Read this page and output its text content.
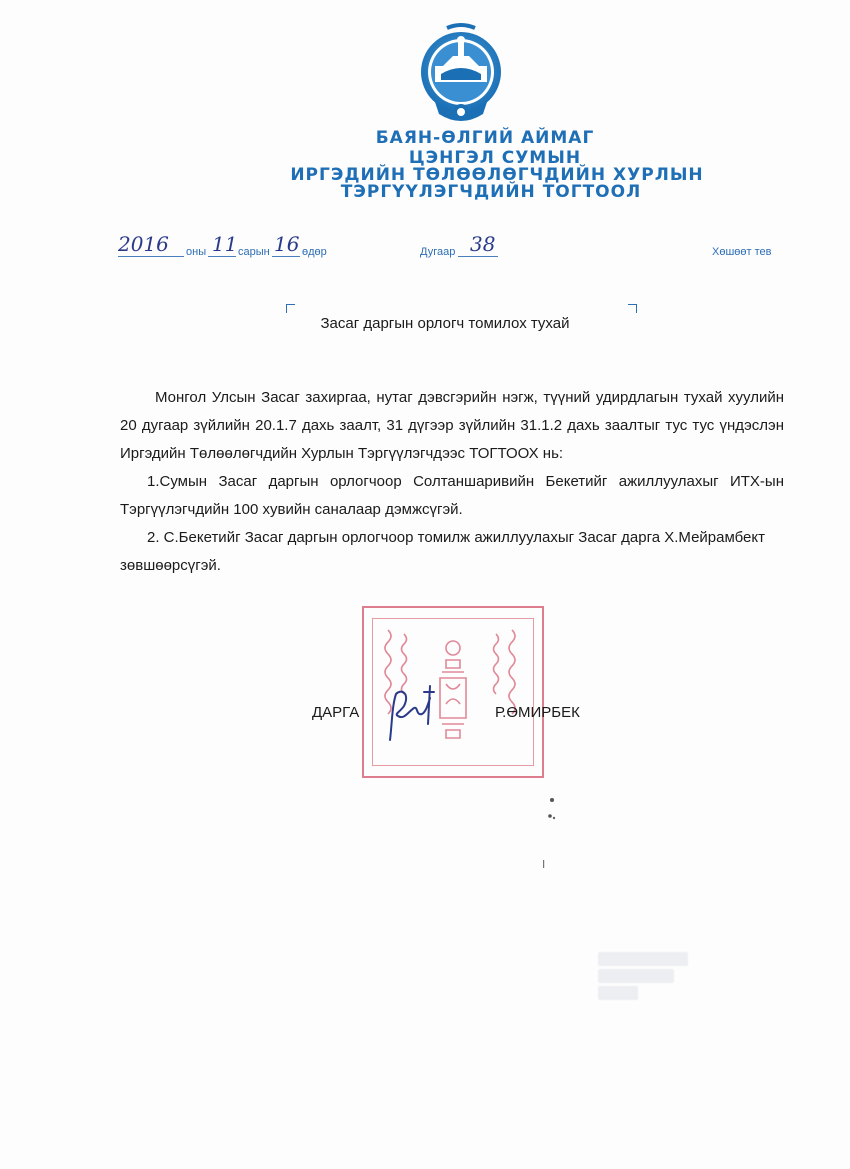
БАЯН-ӨЛГИЙ АЙМАГ
ЦЭНГЭЛ СУМЫН
ИРГЭДИЙН ТӨЛӨӨЛӨГЧДИЙН ХУРЛЫН
ТЭРГҮҮЛЭГЧДИЙН ТОГТООЛ
2016 оны 11 сарын 16 өдөр	Дугаар 38	Хөшөөт тев
Засаг даргын орлогч томилох тухай

Монгол Улсын Засаг захиргаа, нутаг дэвсгэрийн нэгж, түүний удирдлагын тухай хуулийн 20 дугаар зүйлийн 20.1.7 дахь заалт, 31 дүгээр зүйлийн 31.1.2 дахь заалтыг тус тус үндэслэн Иргэдийн Төлөөлөгчдийн Хурлын Тэргүүлэгчдээс ТОГТООХ нь:

1.Сумын Засаг даргын орлогчоор Солтаншаривийн Бекетийг ажиллуулахыг ИТХ-ын Тэргүүлэгчдийн 100 хувийн саналаар дэмжсүгэй.

2. С.Бекетийг Засаг даргын орлогчоор томилж ажиллуулахыг Засаг дарга Х.Мейрамбект зөвшөөрсүгэй.

ДАРГА	Р.ӨМИРБЕК
